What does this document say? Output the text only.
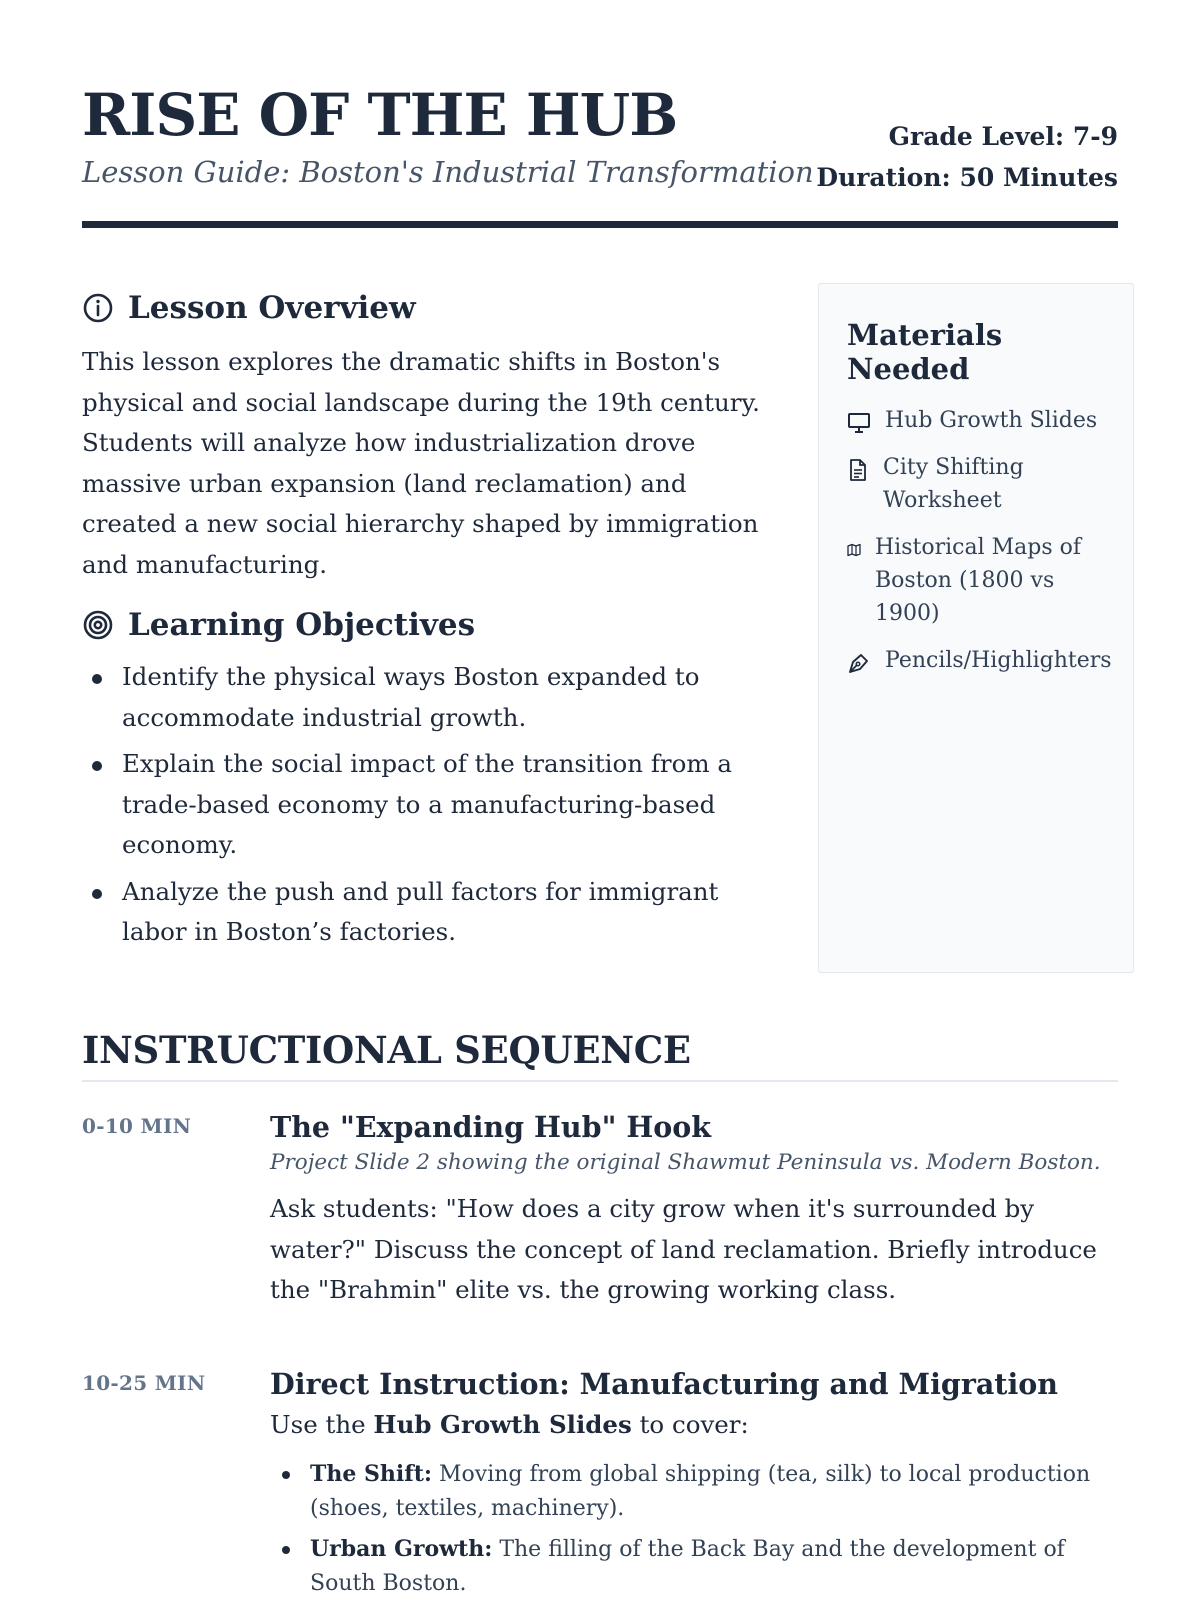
RISE OF THE HUB
Lesson Guide: Boston's Industrial Transformation
Grade Level: 7-9
Duration: 50 Minutes
Lesson Overview

This lesson explores the dramatic shifts in Boston's physical and social landscape during the 19th century. Students will analyze how industrialization drove massive urban expansion (land reclamation) and created a new social hierarchy shaped by immigration and manufacturing.

Learning Objectives
Identify the physical ways Boston expanded to accommodate industrial growth.
Explain the social impact of the transition from a trade-based economy to a manufacturing-based economy.
Analyze the push and pull factors for immigrant labor in Boston’s factories.
Materials Needed
Hub Growth Slides
City Shifting Worksheet
Historical Maps of Boston (1800 vs 1900)
Pencils/Highlighters
INSTRUCTIONAL SEQUENCE
0-10 MIN	The "Expanding Hub" Hook
Project Slide 2 showing the original Shawmut Peninsula vs. Modern Boston.

Ask students: "How does a city grow when it's surrounded by water?" Discuss the concept of land reclamation. Briefly introduce the "Brahmin" elite vs. the growing working class.

10-25 MIN Direct Instruction: Manufacturing and Migration

Use the Hub Growth Slides to cover:

The Shift: Moving from global shipping (tea, silk) to local production (shoes, textiles, machinery).
Urban Growth: The filling of the Back Bay and the development of South Boston.
